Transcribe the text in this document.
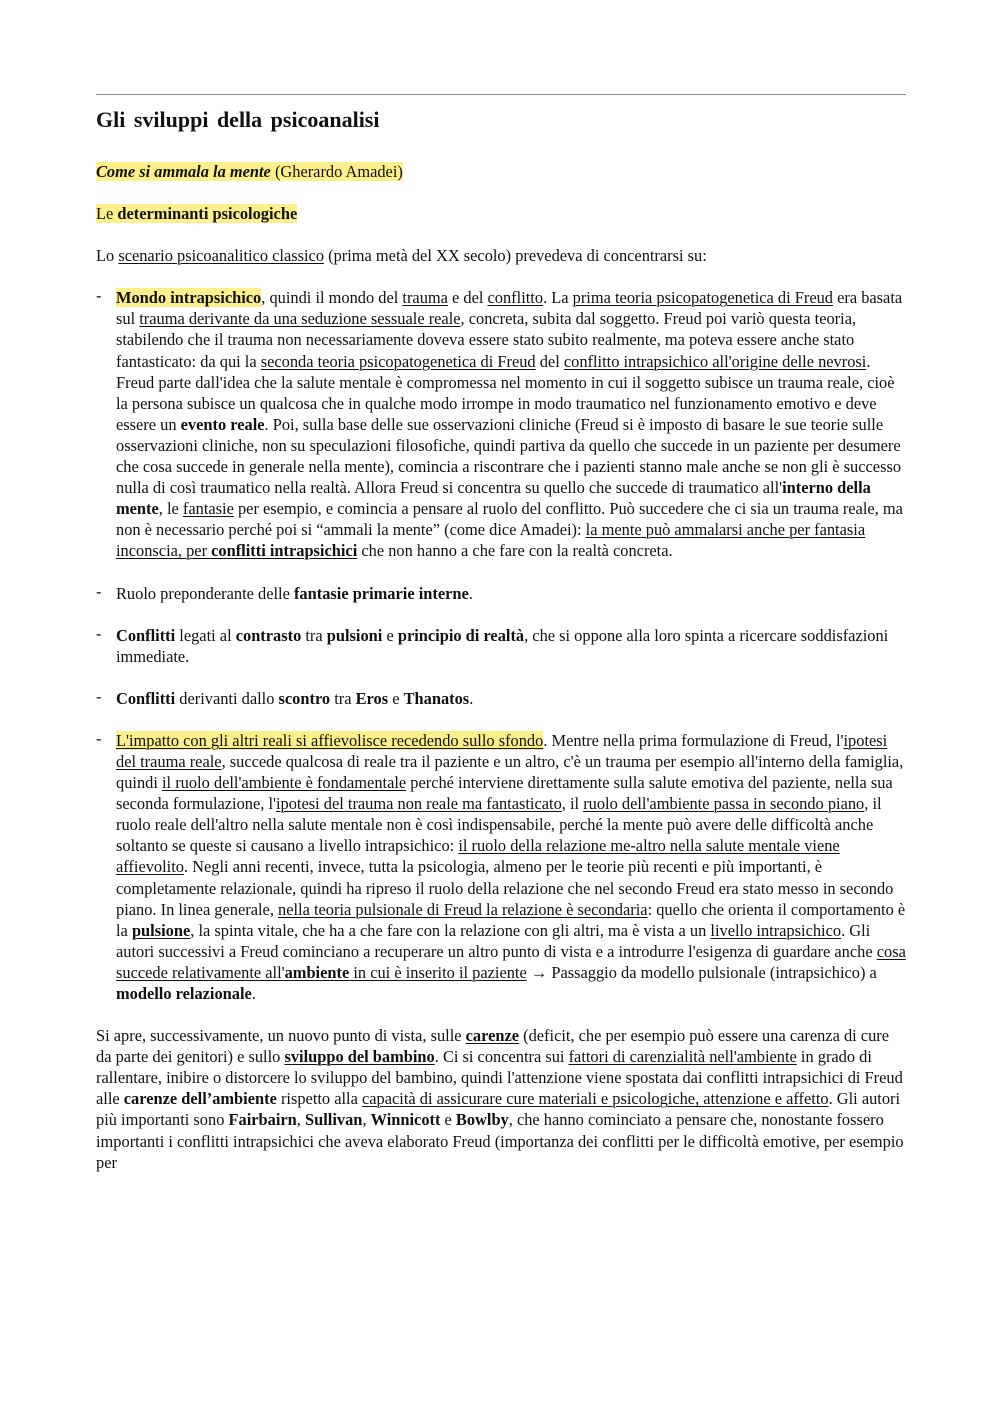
Gli sviluppi della psicoanalisi

Come si ammala la mente (Gherardo Amadei)

Le determinanti psicologiche

Lo scenario psicoanalitico classico (prima metà del XX secolo) prevedeva di concentrarsi su:

- Mondo intrapsichico, quindi il mondo del trauma e del conflitto. La prima teoria psicopatogenetica di Freud era basata sul trauma derivante da una seduzione sessuale reale, concreta, subita dal soggetto. Freud poi variò questa teoria, stabilendo che il trauma non necessariamente doveva essere stato subito realmente, ma poteva essere anche stato fantasticato: da qui la seconda teoria psicopatogenetica di Freud del conflitto intrapsichico all'origine delle nevrosi. Freud parte dall'idea che la salute mentale è compromessa nel momento in cui il soggetto subisce un trauma reale, cioè la persona subisce un qualcosa che in qualche modo irrompe in modo traumatico nel funzionamento emotivo e deve essere un evento reale. Poi, sulla base delle sue osservazioni cliniche (Freud si è imposto di basare le sue teorie sulle osservazioni cliniche, non su speculazioni filosofiche, quindi partiva da quello che succede in un paziente per desumere che cosa succede in generale nella mente), comincia a riscontrare che i pazienti stanno male anche se non gli è successo nulla di così traumatico nella realtà. Allora Freud si concentra su quello che succede di traumatico all'interno della mente, le fantasie per esempio, e comincia a pensare al ruolo del conflitto. Può succedere che ci sia un trauma reale, ma non è necessario perché poi si “ammali la mente” (come dice Amadei): la mente può ammalarsi anche per fantasia inconscia, per conflitti intrapsichici che non hanno a che fare con la realtà concreta.
- Ruolo preponderante delle fantasie primarie interne.
- Conflitti legati al contrasto tra pulsioni e principio di realtà, che si oppone alla loro spinta a ricercare soddisfazioni immediate.
- Conflitti derivanti dallo scontro tra Eros e Thanatos.
- L'impatto con gli altri reali si affievolisce recedendo sullo sfondo. Mentre nella prima formulazione di Freud, l'ipotesi del trauma reale, succede qualcosa di reale tra il paziente e un altro, c'è un trauma per esempio all'interno della famiglia, quindi il ruolo dell'ambiente è fondamentale perché interviene direttamente sulla salute emotiva del paziente, nella sua seconda formulazione, l'ipotesi del trauma non reale ma fantasticato, il ruolo dell'ambiente passa in secondo piano, il ruolo reale dell'altro nella salute mentale non è così indispensabile, perché la mente può avere delle difficoltà anche soltanto se queste si causano a livello intrapsichico: il ruolo della relazione me-altro nella salute mentale viene affievolito. Negli anni recenti, invece, tutta la psicologia, almeno per le teorie più recenti e più importanti, è completamente relazionale, quindi ha ripreso il ruolo della relazione che nel secondo Freud era stato messo in secondo piano. In linea generale, nella teoria pulsionale di Freud la relazione è secondaria: quello che orienta il comportamento è la pulsione, la spinta vitale, che ha a che fare con la relazione con gli altri, ma è vista a un livello intrapsichico. Gli autori successivi a Freud cominciano a recuperare un altro punto di vista e a introdurre l'esigenza di guardare anche cosa succede relativamente all'ambiente in cui è inserito il paziente → Passaggio da modello pulsionale (intrapsichico) a modello relazionale.

Si apre, successivamente, un nuovo punto di vista, sulle carenze (deficit, che per esempio può essere una carenza di cure da parte dei genitori) e sullo sviluppo del bambino. Ci si concentra sui fattori di carenzialità nell'ambiente in grado di rallentare, inibire o distorcere lo sviluppo del bambino, quindi l'attenzione viene spostata dai conflitti intrapsichici di Freud alle carenze dell’ambiente rispetto alla capacità di assicurare cure materiali e psicologiche, attenzione e affetto. Gli autori più importanti sono Fairbairn, Sullivan, Winnicott e Bowlby, che hanno cominciato a pensare che, nonostante fossero importanti i conflitti intrapsichici che aveva elaborato Freud (importanza dei conflitti per le difficoltà emotive, per esempio per
